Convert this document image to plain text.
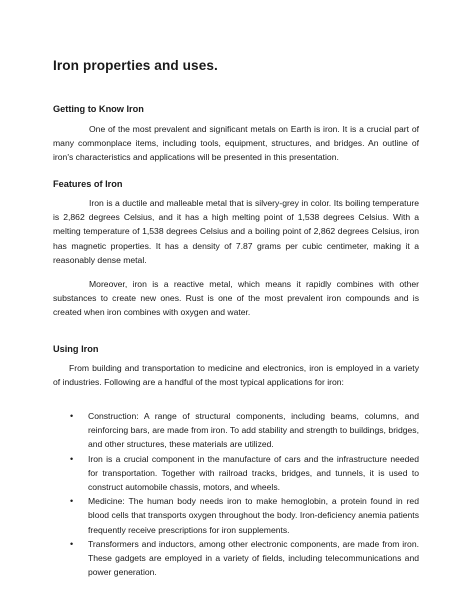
Iron properties and uses.
Getting to Know Iron

One of the most prevalent and significant metals on Earth is iron. It is a crucial part of many commonplace items, including tools, equipment, structures, and bridges. An outline of iron's characteristics and applications will be presented in this presentation.

Features of Iron

Iron is a ductile and malleable metal that is silvery-grey in color. Its boiling temperature is 2,862 degrees Celsius, and it has a high melting point of 1,538 degrees Celsius. With a melting temperature of 1,538 degrees Celsius and a boiling point of 2,862 degrees Celsius, iron has magnetic properties. It has a density of 7.87 grams per cubic centimeter, making it a reasonably dense metal.

Moreover, iron is a reactive metal, which means it rapidly combines with other substances to create new ones. Rust is one of the most prevalent iron compounds and is created when iron combines with oxygen and water.

Using Iron

From building and transportation to medicine and electronics, iron is employed in a variety of industries. Following are a handful of the most typical applications for iron:

• Construction: A range of structural components, including beams, columns, and reinforcing bars, are made from iron. To add stability and strength to buildings, bridges, and other structures, these materials are utilized.
• Iron is a crucial component in the manufacture of cars and the infrastructure needed for transportation. Together with railroad tracks, bridges, and tunnels, it is used to construct automobile chassis, motors, and wheels.
• Medicine: The human body needs iron to make hemoglobin, a protein found in red blood cells that transports oxygen throughout the body. Iron-deficiency anemia patients frequently receive prescriptions for iron supplements.
• Transformers and inductors, among other electronic components, are made from iron. These gadgets are employed in a variety of fields, including telecommunications and power generation.
